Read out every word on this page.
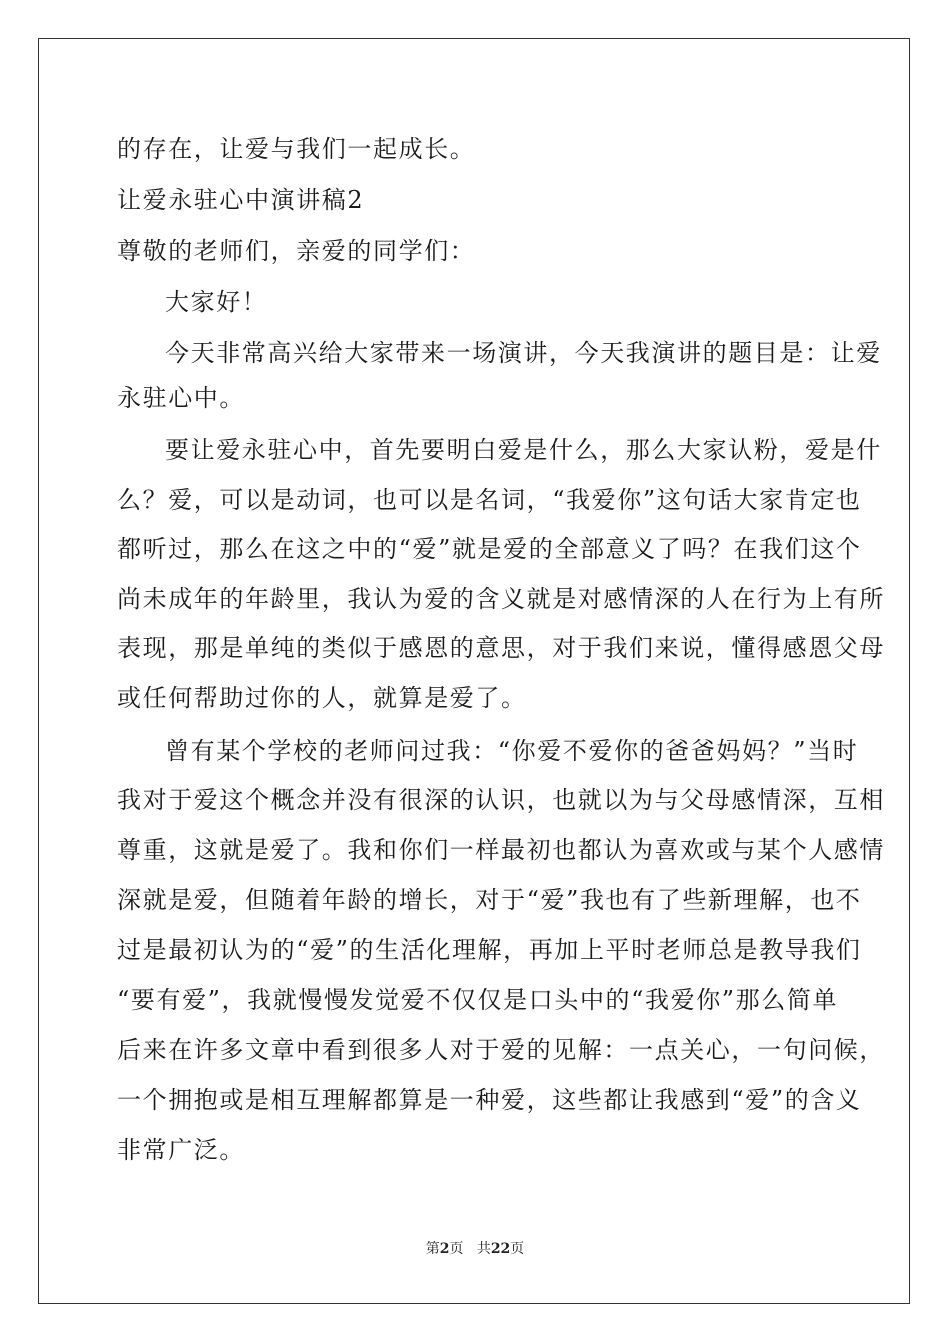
的存在，让爱与我们一起成长。
让爱永驻心中演讲稿2
尊敬的老师们，亲爱的同学们：
大家好！
今天非常高兴给大家带来一场演讲，今天我演讲的题目是：让爱
永驻心中。
要让爱永驻心中，首先要明白爱是什么，那么大家认粉，爱是什
么？爱，可以是动词，也可以是名词，“我爱你”这句话大家肯定也
都听过，那么在这之中的“爱”就是爱的全部意义了吗？在我们这个
尚未成年的年龄里，我认为爱的含义就是对感情深的人在行为上有所
表现，那是单纯的类似于感恩的意思，对于我们来说，懂得感恩父母
或任何帮助过你的人，就算是爱了。
曾有某个学校的老师问过我：“你爱不爱你的爸爸妈妈？”当时
我对于爱这个概念并没有很深的认识，也就以为与父母感情深，互相
尊重，这就是爱了。我和你们一样最初也都认为喜欢或与某个人感情
深就是爱，但随着年龄的增长，对于“爱”我也有了些新理解，也不
过是最初认为的“爱”的生活化理解，再加上平时老师总是教导我们
“要有爱”，我就慢慢发觉爱不仅仅是口头中的“我爱你”那么简单
后来在许多文章中看到很多人对于爱的见解：一点关心，一句问候，
一个拥抱或是相互理解都算是一种爱，这些都让我感到“爱”的含义
非常广泛。
第2页 共22页
